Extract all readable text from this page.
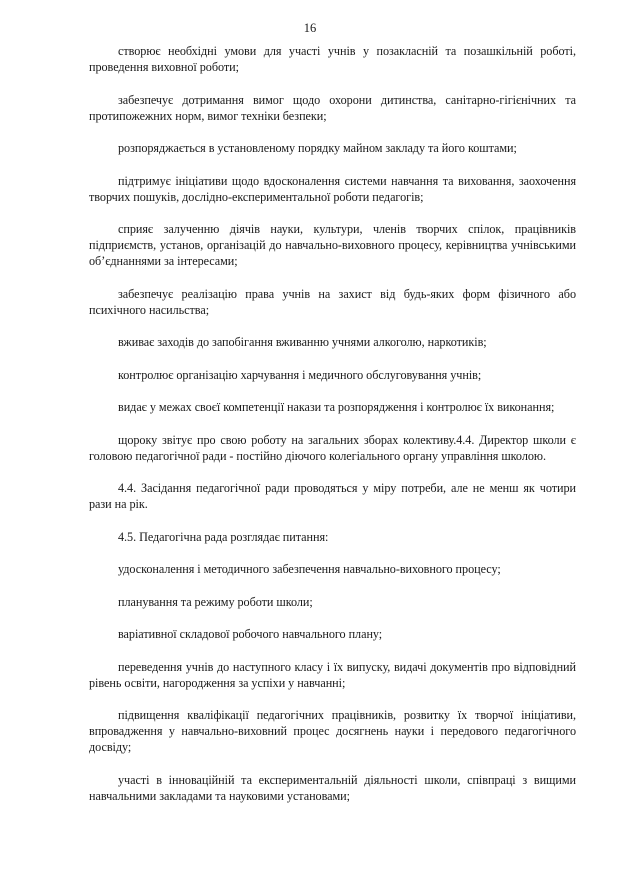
16

створює необхідні умови для участі учнів у позакласній та позашкільній роботі, проведення виховної роботи;

забезпечує дотримання вимог щодо охорони дитинства, санітарно-гігієнічних та протипожежних норм, вимог техніки безпеки;

розпоряджається в установленому порядку майном закладу та його коштами;

підтримує ініціативи щодо вдосконалення системи навчання та виховання, заохочення творчих пошуків, дослідно-експериментальної роботи педагогів;

сприяє залученню діячів науки, культури, членів творчих спілок, працівників підприємств, установ, організацій до навчально-виховного процесу, керівництва учнівськими об’єднаннями за інтересами;

забезпечує реалізацію права учнів на захист від будь-яких форм фізичного або психічного насильства;

вживає заходів до запобігання вживанню учнями алкоголю, наркотиків;

контролює організацію харчування і медичного обслуговування учнів;

видає у межах своєї компетенції накази та розпорядження і контролює їх виконання;

щороку звітує про свою роботу на загальних зборах колективу.4.4. Директор школи є головою педагогічної ради - постійно діючого колегіального органу управління школою.

4.4. Засідання педагогічної ради проводяться у міру потреби, але не менш як чотири рази на рік.

4.5. Педагогічна рада розглядає питання:

удосконалення і методичного забезпечення навчально-виховного процесу;

планування та режиму роботи школи;

варіативної складової робочого навчального плану;

переведення учнів до наступного класу і їх випуску, видачі документів про відповідний рівень освіти, нагородження за успіхи у навчанні;

підвищення кваліфікації педагогічних працівників, розвитку їх творчої ініціативи, впровадження у навчально-виховний процес досягнень науки і передового педагогічного досвіду;

участі в інноваційній та експериментальній діяльності школи, співпраці з вищими навчальними закладами та науковими установами;
